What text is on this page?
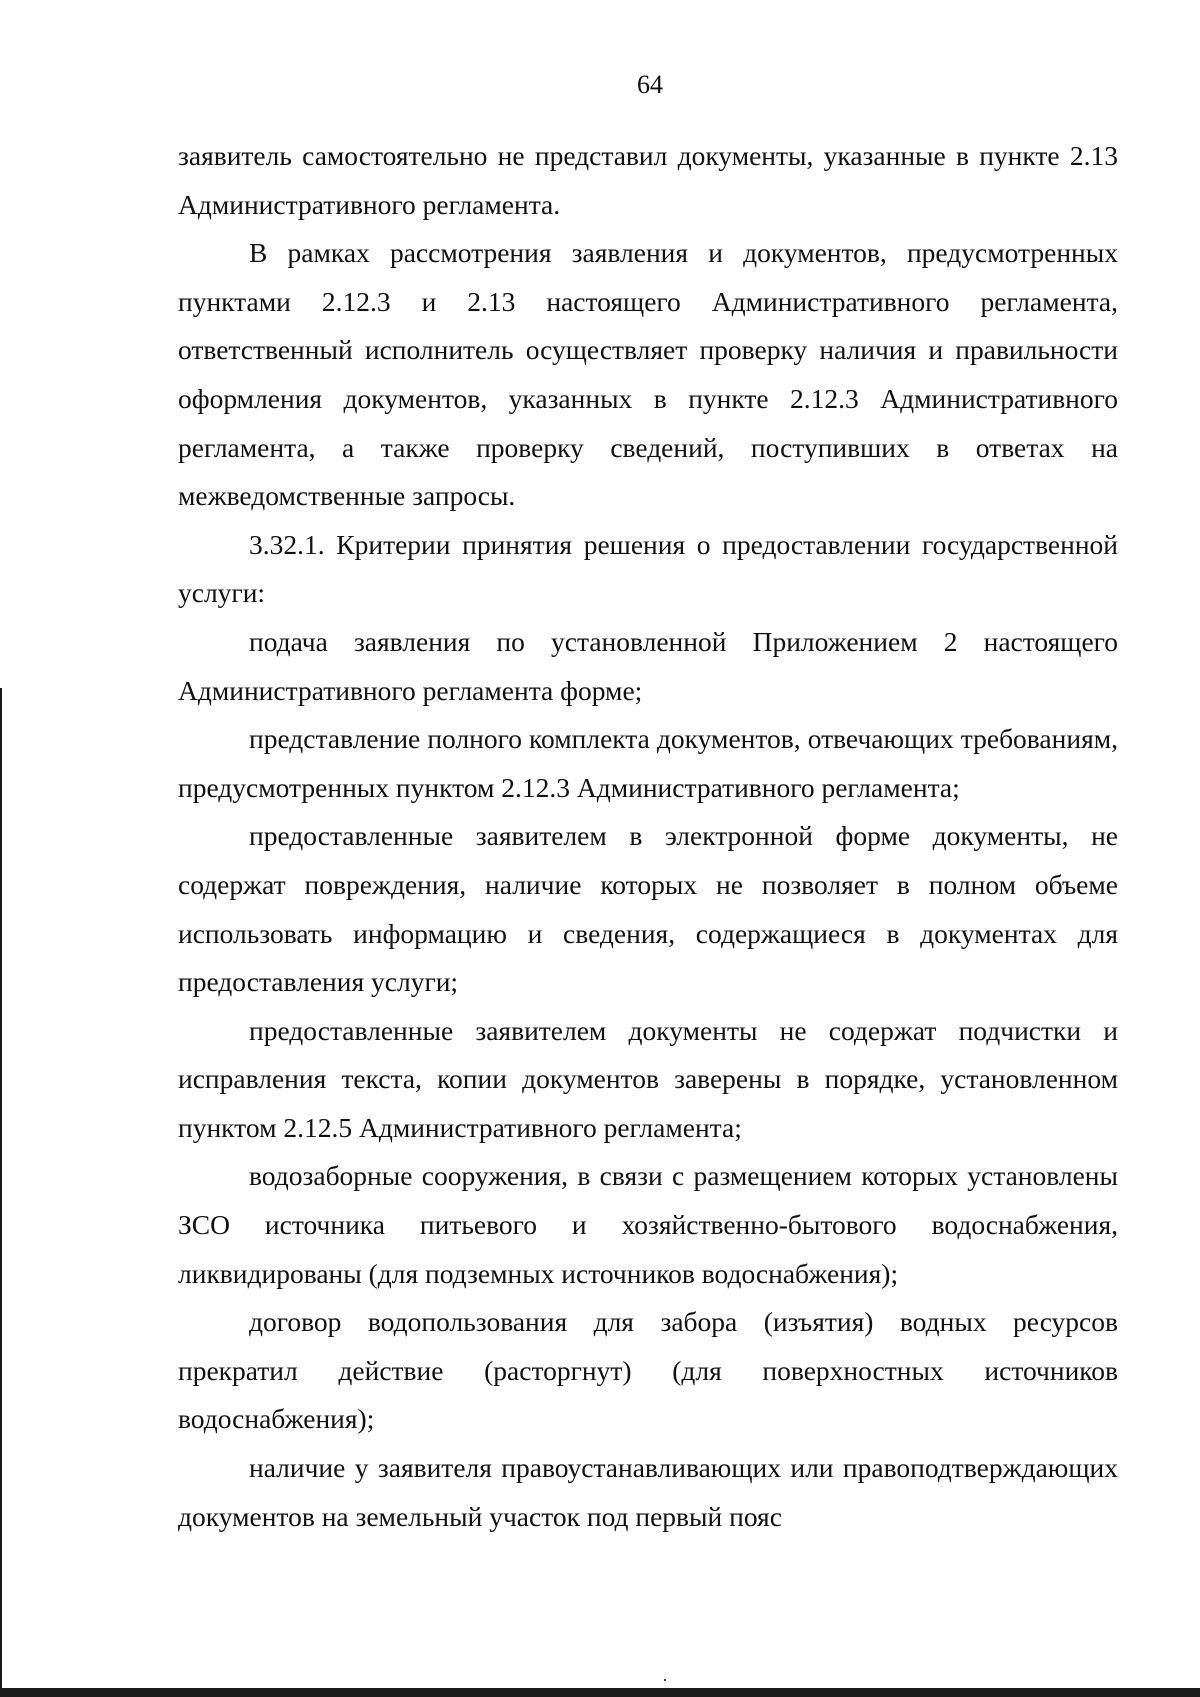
64

заявитель самостоятельно не представил документы, указанные в пункте 2.13 Административного регламента.

В рамках рассмотрения заявления и документов, предусмотренных пунктами 2.12.3 и 2.13 настоящего Административного регламента, ответственный исполнитель осуществляет проверку наличия и правильности оформления документов, указанных в пункте 2.12.3 Административного регламента, а также проверку сведений, поступивших в ответах на межведомственные запросы.

3.32.1. Критерии принятия решения о предоставлении государственной услуги:

подача заявления по установленной Приложением 2 настоящего Административного регламента форме;

представление полного комплекта документов, отвечающих требованиям, предусмотренных пунктом 2.12.3 Административного регламента;

предоставленные заявителем в электронной форме документы, не содержат повреждения, наличие которых не позволяет в полном объеме использовать информацию и сведения, содержащиеся в документах для предоставления услуги;

предоставленные заявителем документы не содержат подчистки и исправления текста, копии документов заверены в порядке, установленном пунктом 2.12.5 Административного регламента;

водозаборные сооружения, в связи с размещением которых установлены ЗСО источника питьевого и хозяйственно-бытового водоснабжения, ликвидированы (для подземных источников водоснабжения);

договор водопользования для забора (изъятия) водных ресурсов прекратил действие (расторгнут) (для поверхностных источников водоснабжения);

наличие у заявителя правоустанавливающих или правоподтверждающих документов на земельный участок под первый пояс
